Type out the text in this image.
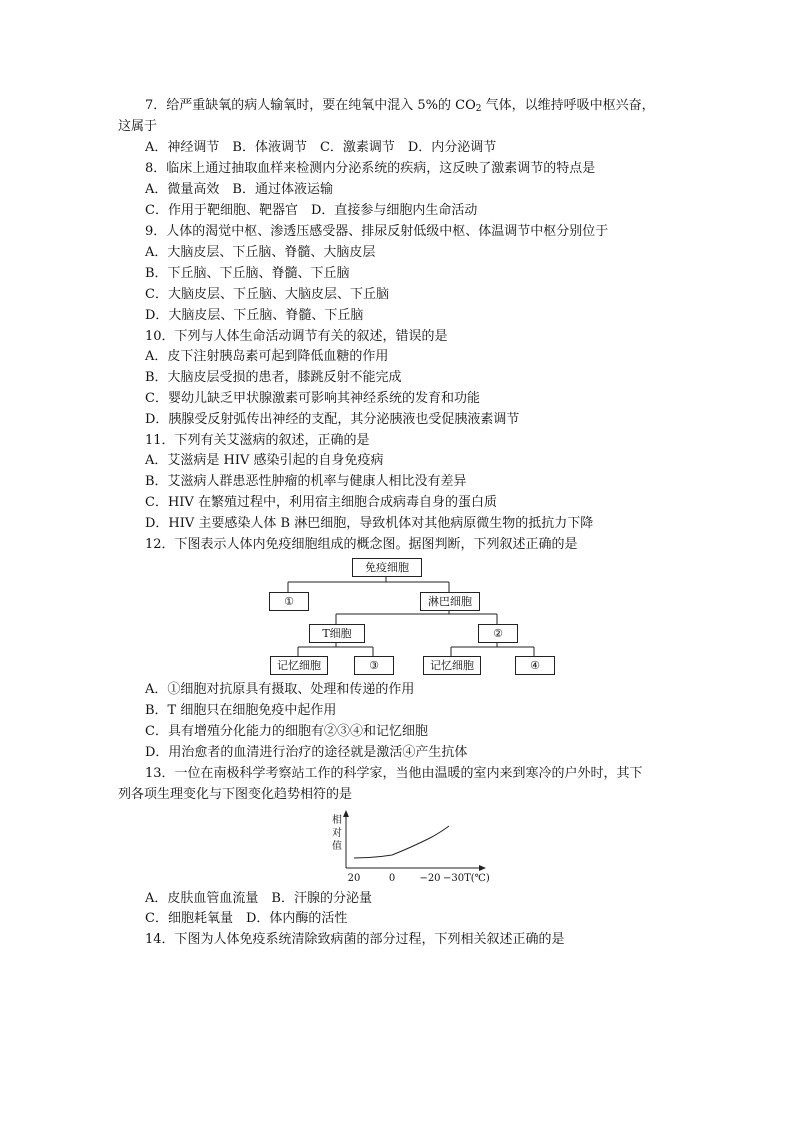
7．给严重缺氧的病人输氧时，要在纯氧中混入 5%的 $CO_2$ 气体，以维持呼吸中枢兴奋，
这属于
A．神经调节　B．体液调节　C．激素调节　D．内分泌调节
8．临床上通过抽取血样来检测内分泌系统的疾病，这反映了激素调节的特点是
A．微量高效　B．通过体液运输
C．作用于靶细胞、靶器官　D．直接参与细胞内生命活动
9．人体的渴觉中枢、渗透压感受器、排尿反射低级中枢、体温调节中枢分别位于
A．大脑皮层、下丘脑、脊髓、大脑皮层
B．下丘脑、下丘脑、脊髓、下丘脑
C．大脑皮层、下丘脑、大脑皮层、下丘脑
D．大脑皮层、下丘脑、脊髓、下丘脑
10．下列与人体生命活动调节有关的叙述，错误的是
A．皮下注射胰岛素可起到降低血糖的作用
B．大脑皮层受损的患者，膝跳反射不能完成
C．婴幼儿缺乏甲状腺激素可影响其神经系统的发育和功能
D．胰腺受反射弧传出神经的支配，其分泌胰液也受促胰液素调节
11．下列有关艾滋病的叙述，正确的是
A．艾滋病是 HIV 感染引起的自身免疫病
B．艾滋病人群患恶性肿瘤的机率与健康人相比没有差异
C．HIV 在繁殖过程中，利用宿主细胞合成病毒自身的蛋白质
D．HIV 主要感染人体 B 淋巴细胞，导致机体对其他病原微生物的抵抗力下降
12．下图表示人体内免疫细胞组成的概念图。据图判断，下列叙述正确的是
免疫细胞
①	淋巴细胞
T细胞	②
记忆细胞	③	记忆细胞	④
A．①细胞对抗原具有摄取、处理和传递的作用
B．T 细胞只在细胞免疫中起作用
C．具有增殖分化能力的细胞有②③④和记忆细胞
D．用治愈者的血清进行治疗的途径就是激活④产生抗体
13．一位在南极科学考察站工作的科学家，当他由温暖的室内来到寒冷的户外时，其下
列各项生理变化与下图变化趋势相符的是
相对值
20	0 −20 −30T(℃)
A．皮肤血管血流量　B．汗腺的分泌量
C．细胞耗氧量　D．体内酶的活性
14．下图为人体免疫系统清除致病菌的部分过程，下列相关叙述正确的是
